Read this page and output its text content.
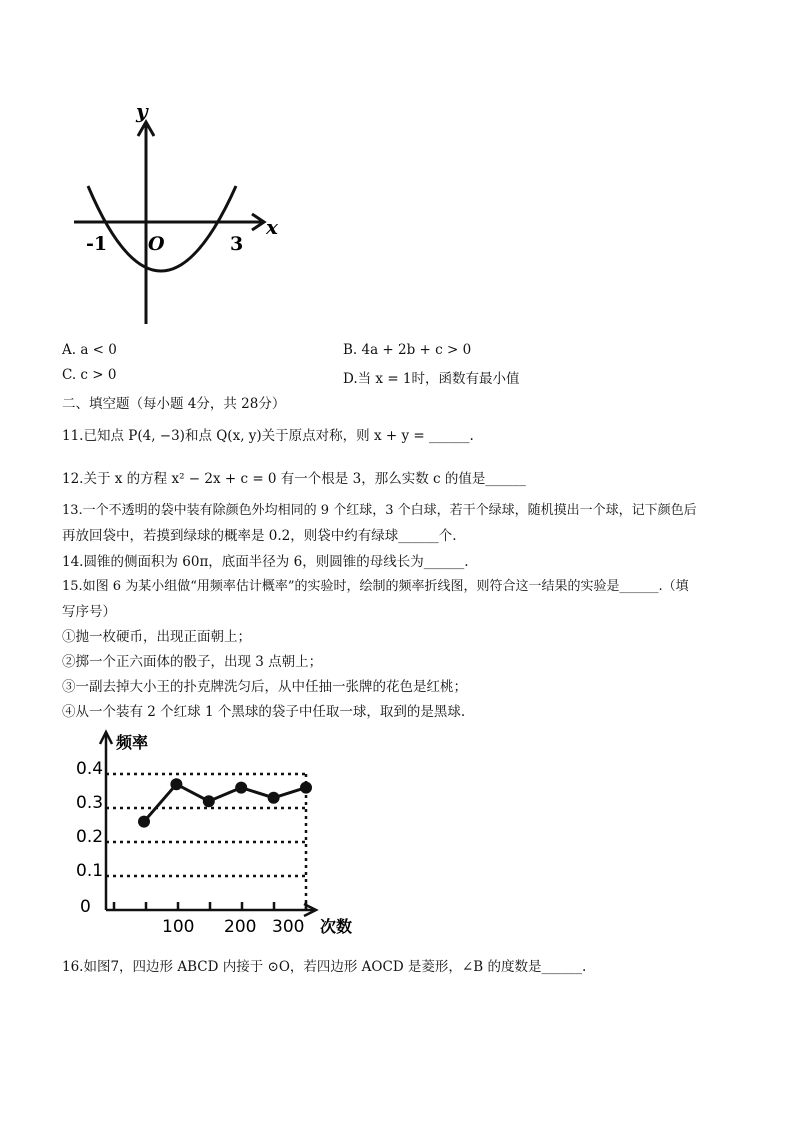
y
x
-1 O	3
A. a < 0	B. 4a + 2b + c > 0
C. c > 0	D.当 x = 1时，函数有最小值
二、填空题（每小题 4分，共 28分）
11.已知点 P(4, −3)和点 Q(x, y)关于原点对称，则 x + y = ______.
12.关于 x 的方程 x² − 2x + c = 0 有一个根是 3，那么实数 c 的值是______
13.一个不透明的袋中装有除颜色外均相同的 9 个红球，3 个白球，若干个绿球，随机摸出一个球，记下颜色后
再放回袋中，若摸到绿球的概率是 0.2，则袋中约有绿球______个.
14.圆锥的侧面积为 60π，底面半径为 6，则圆锥的母线长为______.
15.如图 6 为某小组做“用频率估计概率”的实验时，绘制的频率折线图，则符合这一结果的实验是______.（填
写序号）
①抛一枚硬币，出现正面朝上；
②掷一个正六面体的骰子，出现 3 点朝上；
③一副去掉大小王的扑克牌洗匀后，从中任抽一张牌的花色是红桃；
④从一个装有 2 个红球 1 个黑球的袋子中任取一球，取到的是黑球.
频率
次数
0.4
0.3
0.2
0.1
0
100 200 300
16.如图7，四边形 ABCD 内接于 ⊙O，若四边形 AOCD 是菱形，∠B 的度数是______.
